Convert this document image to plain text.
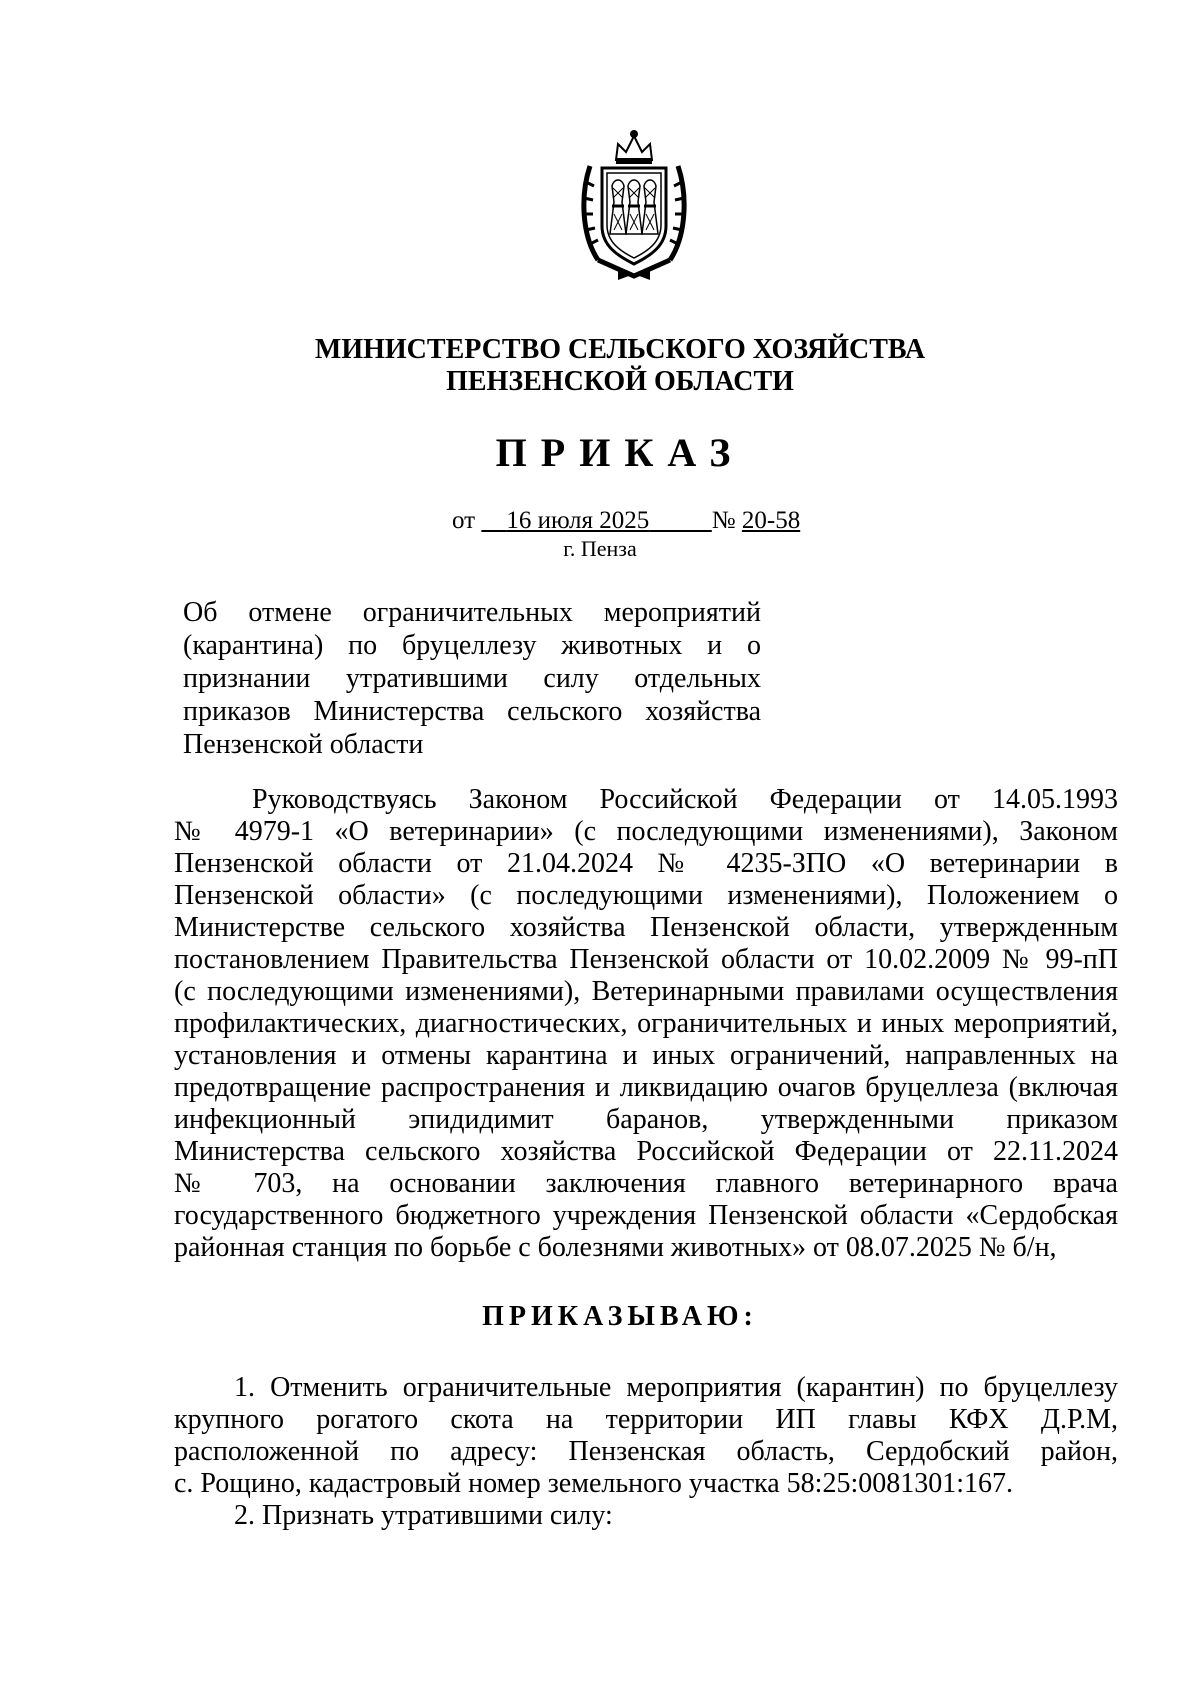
МИНИСТЕРСТВО СЕЛЬСКОГО ХОЗЯЙСТВА
ПЕНЗЕНСКОЙ ОБЛАСТИ
ПРИКАЗ
от 16 июля 2025	№ 20-58
г. Пенза

Об отмене ограничительных мероприятий

(карантина) по бруцеллезу животных и о

признании утратившими силу отдельных

приказов Министерства сельского хозяйства

Пензенской области

Руководствуясь Законом Российской Федерации от 14.05.1993

№ 4979-1 «О ветеринарии» (с последующими изменениями), Законом

Пензенской области от 21.04.2024 № 4235-ЗПО «О ветеринарии в

Пензенской области» (с последующими изменениями), Положением о

Министерстве сельского хозяйства Пензенской области, утвержденным

постановлением Правительства Пензенской области от 10.02.2009 № 99-пП

(с последующими изменениями), Ветеринарными правилами осуществления

профилактических, диагностических, ограничительных и иных мероприятий,

установления и отмены карантина и иных ограничений, направленных на

предотвращение распространения и ликвидацию очагов бруцеллеза (включая

инфекционный эпидидимит баранов, утвержденными приказом

Министерства сельского хозяйства Российской Федерации от 22.11.2024

№ 703, на основании заключения главного ветеринарного врача

государственного бюджетного учреждения Пензенской области «Сердобская

районная станция по борьбе с болезнями животных» от 08.07.2025 № б/н,

ПРИКАЗЫВАЮ:

1. Отменить ограничительные мероприятия (карантин) по бруцеллезу

крупного рогатого скота на территории ИП главы КФХ Д.Р.М,

расположенной по адресу: Пензенская область, Сердобский район,

с. Рощино, кадастровый номер земельного участка 58:25:0081301:167.

2. Признать утратившими силу:
